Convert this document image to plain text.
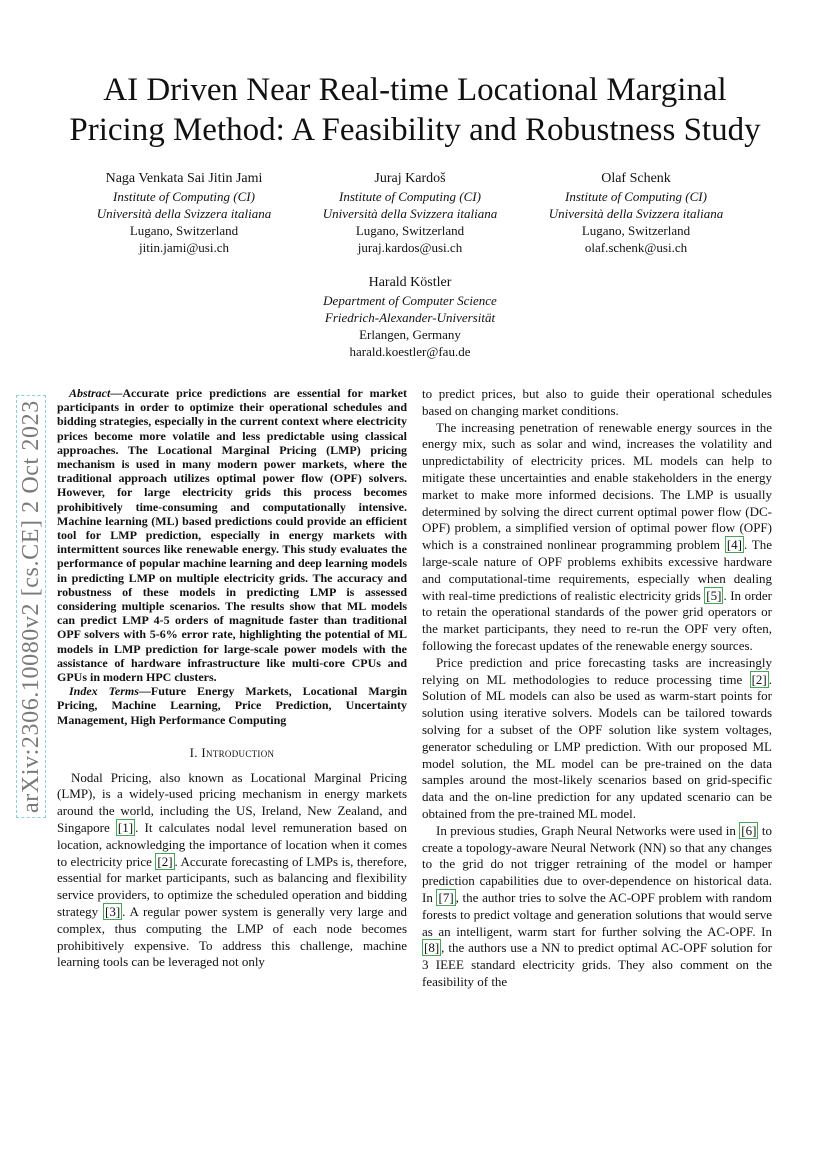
AI Driven Near Real-time Locational Marginal
Pricing Method: A Feasibility and Robustness Study
Naga Venkata Sai Jitin Jami
Institute of Computing (CI)
Università della Svizzera italiana
Lugano, Switzerland
jitin.jami@usi.ch
Juraj Kardoš
Institute of Computing (CI)
Università della Svizzera italiana
Lugano, Switzerland
juraj.kardos@usi.ch
Olaf Schenk
Institute of Computing (CI)
Università della Svizzera italiana
Lugano, Switzerland
olaf.schenk@usi.ch
Harald Köstler
Department of Computer Science
Friedrich-Alexander-Universität
Erlangen, Germany
harald.koestler@fau.de
arXiv:2306.10080v2 [cs.CE] 2 Oct 2023

Abstract—Accurate price predictions are essential for market participants in order to optimize their operational schedules and bidding strategies, especially in the current context where electricity prices become more volatile and less predictable using classical approaches. The Locational Marginal Pricing (LMP) pricing mechanism is used in many modern power markets, where the traditional approach utilizes optimal power flow (OPF) solvers. However, for large electricity grids this process becomes prohibitively time-consuming and computationally intensive. Machine learning (ML) based predictions could provide an efficient tool for LMP prediction, especially in energy markets with intermittent sources like renewable energy. This study evaluates the performance of popular machine learning and deep learning models in predicting LMP on multiple electricity grids. The accuracy and robustness of these models in predicting LMP is assessed considering multiple scenarios. The results show that ML models can predict LMP 4-5 orders of magnitude faster than traditional OPF solvers with 5-6% error rate, highlighting the potential of ML models in LMP prediction for large-scale power models with the assistance of hardware infrastructure like multi-core CPUs and GPUs in modern HPC clusters.

Index Terms—Future Energy Markets, Locational Margin Pricing, Machine Learning, Price Prediction, Uncertainty Management, High Performance Computing

I. Introduction

Nodal Pricing, also known as Locational Marginal Pricing (LMP), is a widely-used pricing mechanism in energy markets around the world, including the US, Ireland, New Zealand, and Singapore [1] . It calculates nodal level remuneration based on location, acknowledging the importance of location when it comes to electricity price [2] . Accurate forecasting of LMPs is, therefore, essential for market participants, such as balancing and flexibility service providers, to optimize the scheduled operation and bidding strategy [3] . A regular power system is generally very large and complex, thus computing the LMP of each node becomes prohibitively expensive. To address this challenge, machine learning tools can be leveraged not only

to predict prices, but also to guide their operational schedules based on changing market conditions.

The increasing penetration of renewable energy sources in the energy mix, such as solar and wind, increases the volatility and unpredictability of electricity prices. ML models can help to mitigate these uncertainties and enable stakeholders in the energy market to make more informed decisions. The LMP is usually determined by solving the direct current optimal power flow (DC-OPF) problem, a simplified version of optimal power flow (OPF) which is a constrained nonlinear programming problem [4] . The large-scale nature of OPF problems exhibits excessive hardware and computational-time requirements, especially when dealing with real-time predictions of realistic electricity grids [5] . In order to retain the operational standards of the power grid operators or the market participants, they need to re-run the OPF very often, following the forecast updates of the renewable energy sources.

Price prediction and price forecasting tasks are increasingly relying on ML methodologies to reduce processing time [2] . Solution of ML models can also be used as warm-start points for solution using iterative solvers. Models can be tailored towards solving for a subset of the OPF solution like system voltages, generator scheduling or LMP prediction. With our proposed ML model solution, the ML model can be pre-trained on the data samples around the most-likely scenarios based on grid-specific data and the on-line prediction for any updated scenario can be obtained from the pre-trained ML model.

In previous studies, Graph Neural Networks were used in [6] to create a topology-aware Neural Network (NN) so that any changes to the grid do not trigger retraining of the model or hamper prediction capabilities due to over-dependence on historical data. In [7] , the author tries to solve the AC-OPF problem with random forests to predict voltage and generation solutions that would serve as an intelligent, warm start for further solving the AC-OPF. In [8] , the authors use a NN to predict optimal AC-OPF solution for 3 IEEE standard electricity grids. They also comment on the feasibility of the
